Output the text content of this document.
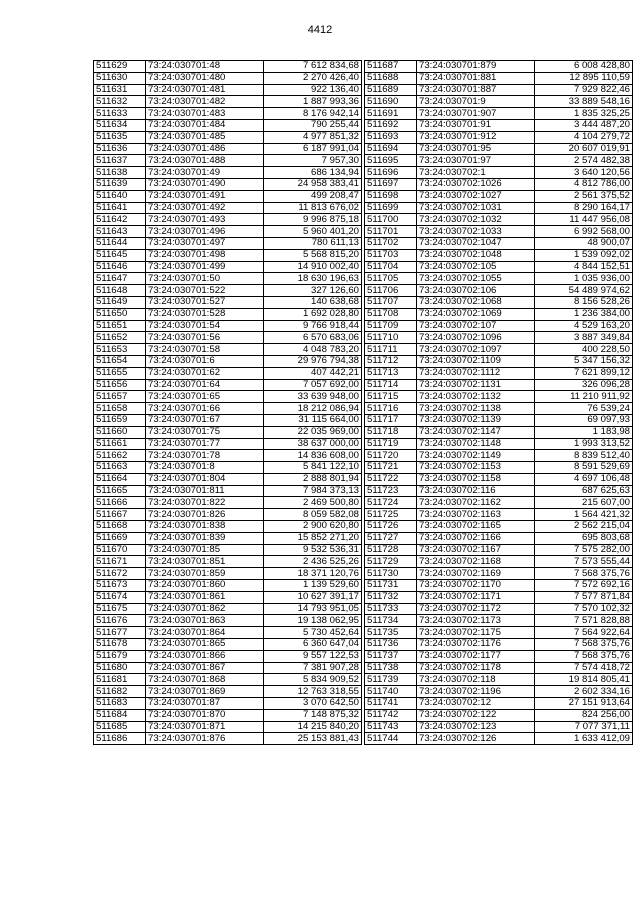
4412
511629	73:24:030701:48	7 612 834,68
511630	73:24:030701:480	2 270 426,40
511631	73:24:030701:481	922 136,40
511632	73:24:030701:482	1 887 993,36
511633	73:24:030701:483	8 176 942,14
511634	73:24:030701:484	790 255,44
511635	73:24:030701:485	4 977 851,32
511636	73:24:030701:486	6 187 991,04
511637	73:24:030701:488	7 957,30
511638	73:24:030701:49	686 134,94
511639	73:24:030701:490	24 958 383,41
511640	73:24:030701:491	499 208,47
511641	73:24:030701:492	11 813 676,02
511642	73:24:030701:493	9 996 875,18
511643	73:24:030701:496	5 960 401,20
511644	73:24:030701:497	780 611,13
511645	73:24:030701:498	5 568 815,20
511646	73:24:030701:499	14 910 002,40
511647	73:24:030701:50	18 630 196,63
511648	73:24:030701:522	327 126,60
511649	73:24:030701:527	140 638,68
511650	73:24:030701:528	1 692 028,80
511651	73:24:030701:54	9 766 918,44
511652	73:24:030701:56	6 570 683,06
511653	73:24:030701:58	4 048 783,20
511654	73:24:030701:6	29 976 794,38
511655	73:24:030701:62	407 442,21
511656	73:24:030701:64	7 057 692,00
511657	73:24:030701:65	33 639 948,00
511658	73:24:030701:66	18 212 086,94
511659	73:24:030701:67	31 115 664,00
511660	73:24:030701:75	22 035 969,00
511661	73:24:030701:77	38 637 000,00
511662	73:24:030701:78	14 836 608,00
511663	73:24:030701:8	5 841 122,10
511664	73:24:030701:804	2 888 801,94
511665	73:24:030701:811	7 984 373,13
511666	73:24:030701:822	2 469 500,80
511667	73:24:030701:826	8 059 582,08
511668	73:24:030701:838	2 900 620,80
511669	73:24:030701:839	15 852 271,20
511670	73:24:030701:85	9 532 536,31
511671	73:24:030701:851	2 436 525,26
511672	73:24:030701:859	18 371 120,76
511673	73:24:030701:860	1 139 529,60
511674	73:24:030701:861	10 627 391,17
511675	73:24:030701:862	14 793 951,05
511676	73:24:030701:863	19 138 062,95
511677	73:24:030701:864	5 730 452,64
511678	73:24:030701:865	6 360 647,04
511679	73:24:030701:866	9 557 122,53
511680	73:24:030701:867	7 381 907,28
511681	73:24:030701:868	5 834 909,52
511682	73:24:030701:869	12 763 318,55
511683	73:24:030701:87	3 070 642,50
511684	73:24:030701:870	7 148 875,32
511685	73:24:030701:871	14 215 840,20
511686	73:24:030701:876	25 153 881,43
511687	73:24:030701:879	6 008 428,80
511688	73:24:030701:881	12 895 110,59
511689	73:24:030701:887	7 929 822,46
511690	73:24:030701:9	33 889 548,16
511691	73:24:030701:907	1 835 325,25
511692	73:24:030701:91	3 444 487,20
511693	73:24:030701:912	4 104 279,72
511694	73:24:030701:95	20 607 019,91
511695	73:24:030701:97	2 574 482,38
511696	73:24:030702:1	3 640 120,56
511697	73:24:030702:1026	4 812 786,00
511698	73:24:030702:1027	2 561 375,52
511699	73:24:030702:1031	8 290 164,17
511700	73:24:030702:1032	11 447 956,08
511701	73:24:030702:1033	6 992 568,00
511702	73:24:030702:1047	48 900,07
511703	73:24:030702:1048	1 539 092,02
511704	73:24:030702:105	4 844 152,51
511705	73:24:030702:1055	1 035 936,00
511706	73:24:030702:106	54 489 974,62
511707	73:24:030702:1068	8 156 528,26
511708	73:24:030702:1069	1 236 384,00
511709	73:24:030702:107	4 529 163,20
511710	73:24:030702:1096	3 887 349,84
511711	73:24:030702:1097	400 228,50
511712	73:24:030702:1109	5 347 156,32
511713	73:24:030702:1112	7 621 899,12
511714	73:24:030702:1131	326 096,28
511715	73:24:030702:1132	11 210 911,92
511716	73:24:030702:1138	76 539,24
511717	73:24:030702:1139	69 097,93
511718	73:24:030702:1147	1 183,98
511719	73:24:030702:1148	1 993 313,52
511720	73:24:030702:1149	8 839 512,40
511721	73:24:030702:1153	8 591 529,69
511722	73:24:030702:1158	4 697 106,48
511723	73:24:030702:116	687 625,63
511724	73:24:030702:1162	215 607,00
511725	73:24:030702:1163	1 564 421,32
511726	73:24:030702:1165	2 562 215,04
511727	73:24:030702:1166	695 803,68
511728	73:24:030702:1167	7 575 282,00
511729	73:24:030702:1168	7 573 555,44
511730	73:24:030702:1169	7 568 375,76
511731	73:24:030702:1170	7 572 692,16
511732	73:24:030702:1171	7 577 871,84
511733	73:24:030702:1172	7 570 102,32
511734	73:24:030702:1173	7 571 828,88
511735	73:24:030702:1175	7 564 922,64
511736	73:24:030702:1176	7 568 375,76
511737	73:24:030702:1177	7 568 375,76
511738	73:24:030702:1178	7 574 418,72
511739	73:24:030702:118	19 814 805,41
511740	73:24:030702:1196	2 602 334,16
511741	73:24:030702:12	27 151 913,64
511742	73:24:030702:122	824 256,00
511743	73:24:030702:123	7 077 371,11
511744	73:24:030702:126	1 633 412,09
